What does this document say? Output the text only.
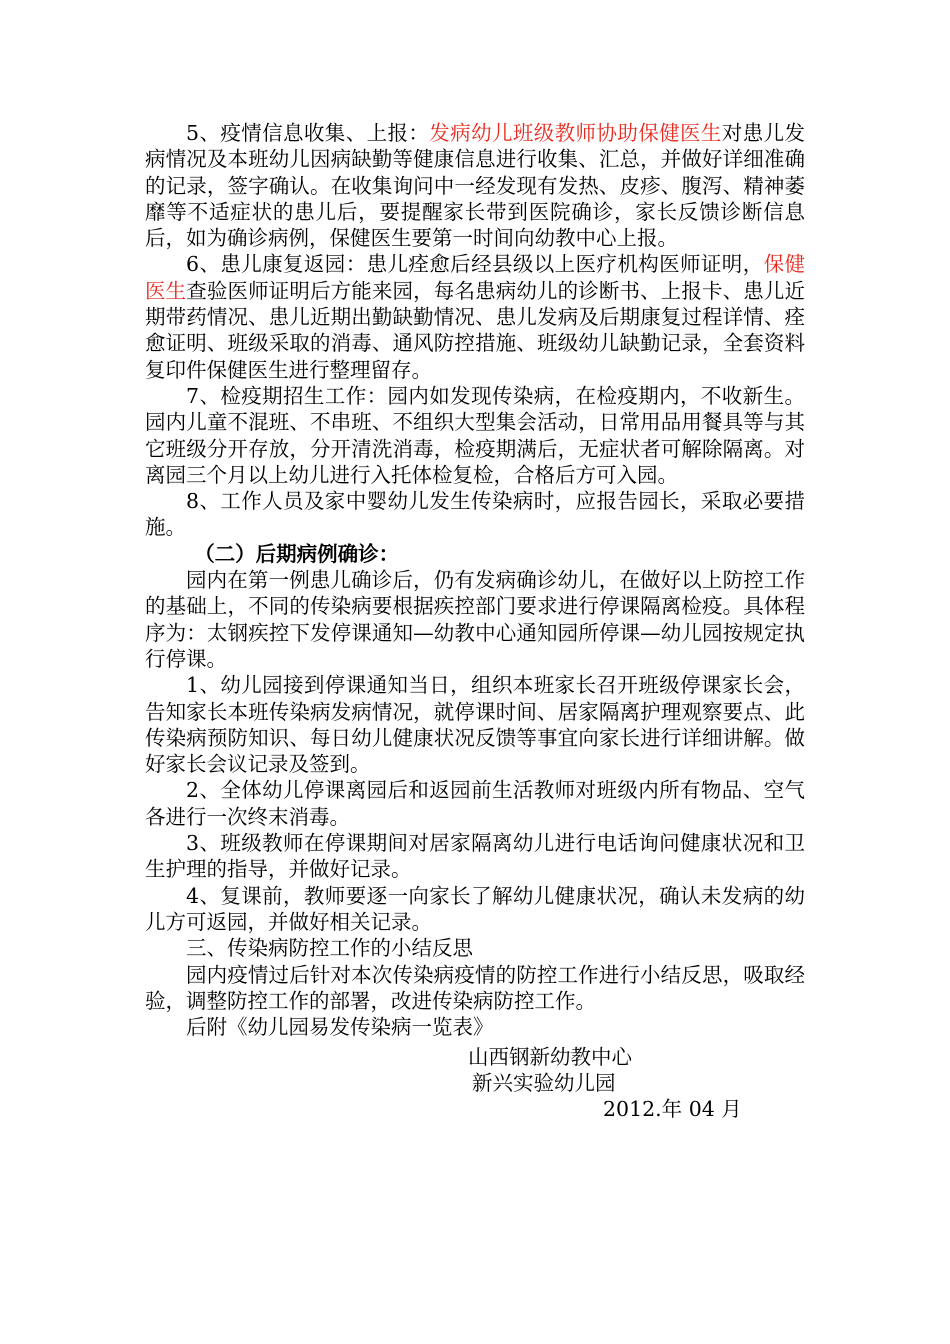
5、疫情信息收集、上报：发病幼儿班级教师协助保健医生对患儿发病情况及本班幼儿因病缺勤等健康信息进行收集、汇总，并做好详细准确的记录，签字确认。在收集询问中一经发现有发热、皮疹、腹泻、精神萎靡等不适症状的患儿后，要提醒家长带到医院确诊，家长反馈诊断信息后，如为确诊病例，保健医生要第一时间向幼教中心上报。

6、患儿康复返园：患儿痊愈后经县级以上医疗机构医师证明，保健医生查验医师证明后方能来园，每名患病幼儿的诊断书、上报卡、患儿近期带药情况、患儿近期出勤缺勤情况、患儿发病及后期康复过程详情、痊愈证明、班级采取的消毒、通风防控措施、班级幼儿缺勤记录，全套资料复印件保健医生进行整理留存。

7、检疫期招生工作：园内如发现传染病，在检疫期内，不收新生。园内儿童不混班、不串班、不组织大型集会活动，日常用品用餐具等与其它班级分开存放，分开清洗消毒，检疫期满后，无症状者可解除隔离。对离园三个月以上幼儿进行入托体检复检，合格后方可入园。

8、工作人员及家中婴幼儿发生传染病时，应报告园长，采取必要措施。

（二）后期病例确诊：

园内在第一例患儿确诊后，仍有发病确诊幼儿，在做好以上防控工作的基础上，不同的传染病要根据疾控部门要求进行停课隔离检疫。具体程序为：太钢疾控下发停课通知—幼教中心通知园所停课—幼儿园按规定执行停课。

1、幼儿园接到停课通知当日，组织本班家长召开班级停课家长会，告知家长本班传染病发病情况，就停课时间、居家隔离护理观察要点、此传染病预防知识、每日幼儿健康状况反馈等事宜向家长进行详细讲解。做好家长会议记录及签到。

2、全体幼儿停课离园后和返园前生活教师对班级内所有物品、空气各进行一次终末消毒。

3、班级教师在停课期间对居家隔离幼儿进行电话询问健康状况和卫生护理的指导，并做好记录。

4、复课前，教师要逐一向家长了解幼儿健康状况，确认未发病的幼儿方可返园，并做好相关记录。

三、传染病防控工作的小结反思

园内疫情过后针对本次传染病疫情的防控工作进行小结反思，吸取经验，调整防控工作的部署，改进传染病防控工作。

后附《幼儿园易发传染病一览表》

山西钢新幼教中心
新兴实验幼儿园
2012.年 04 月
